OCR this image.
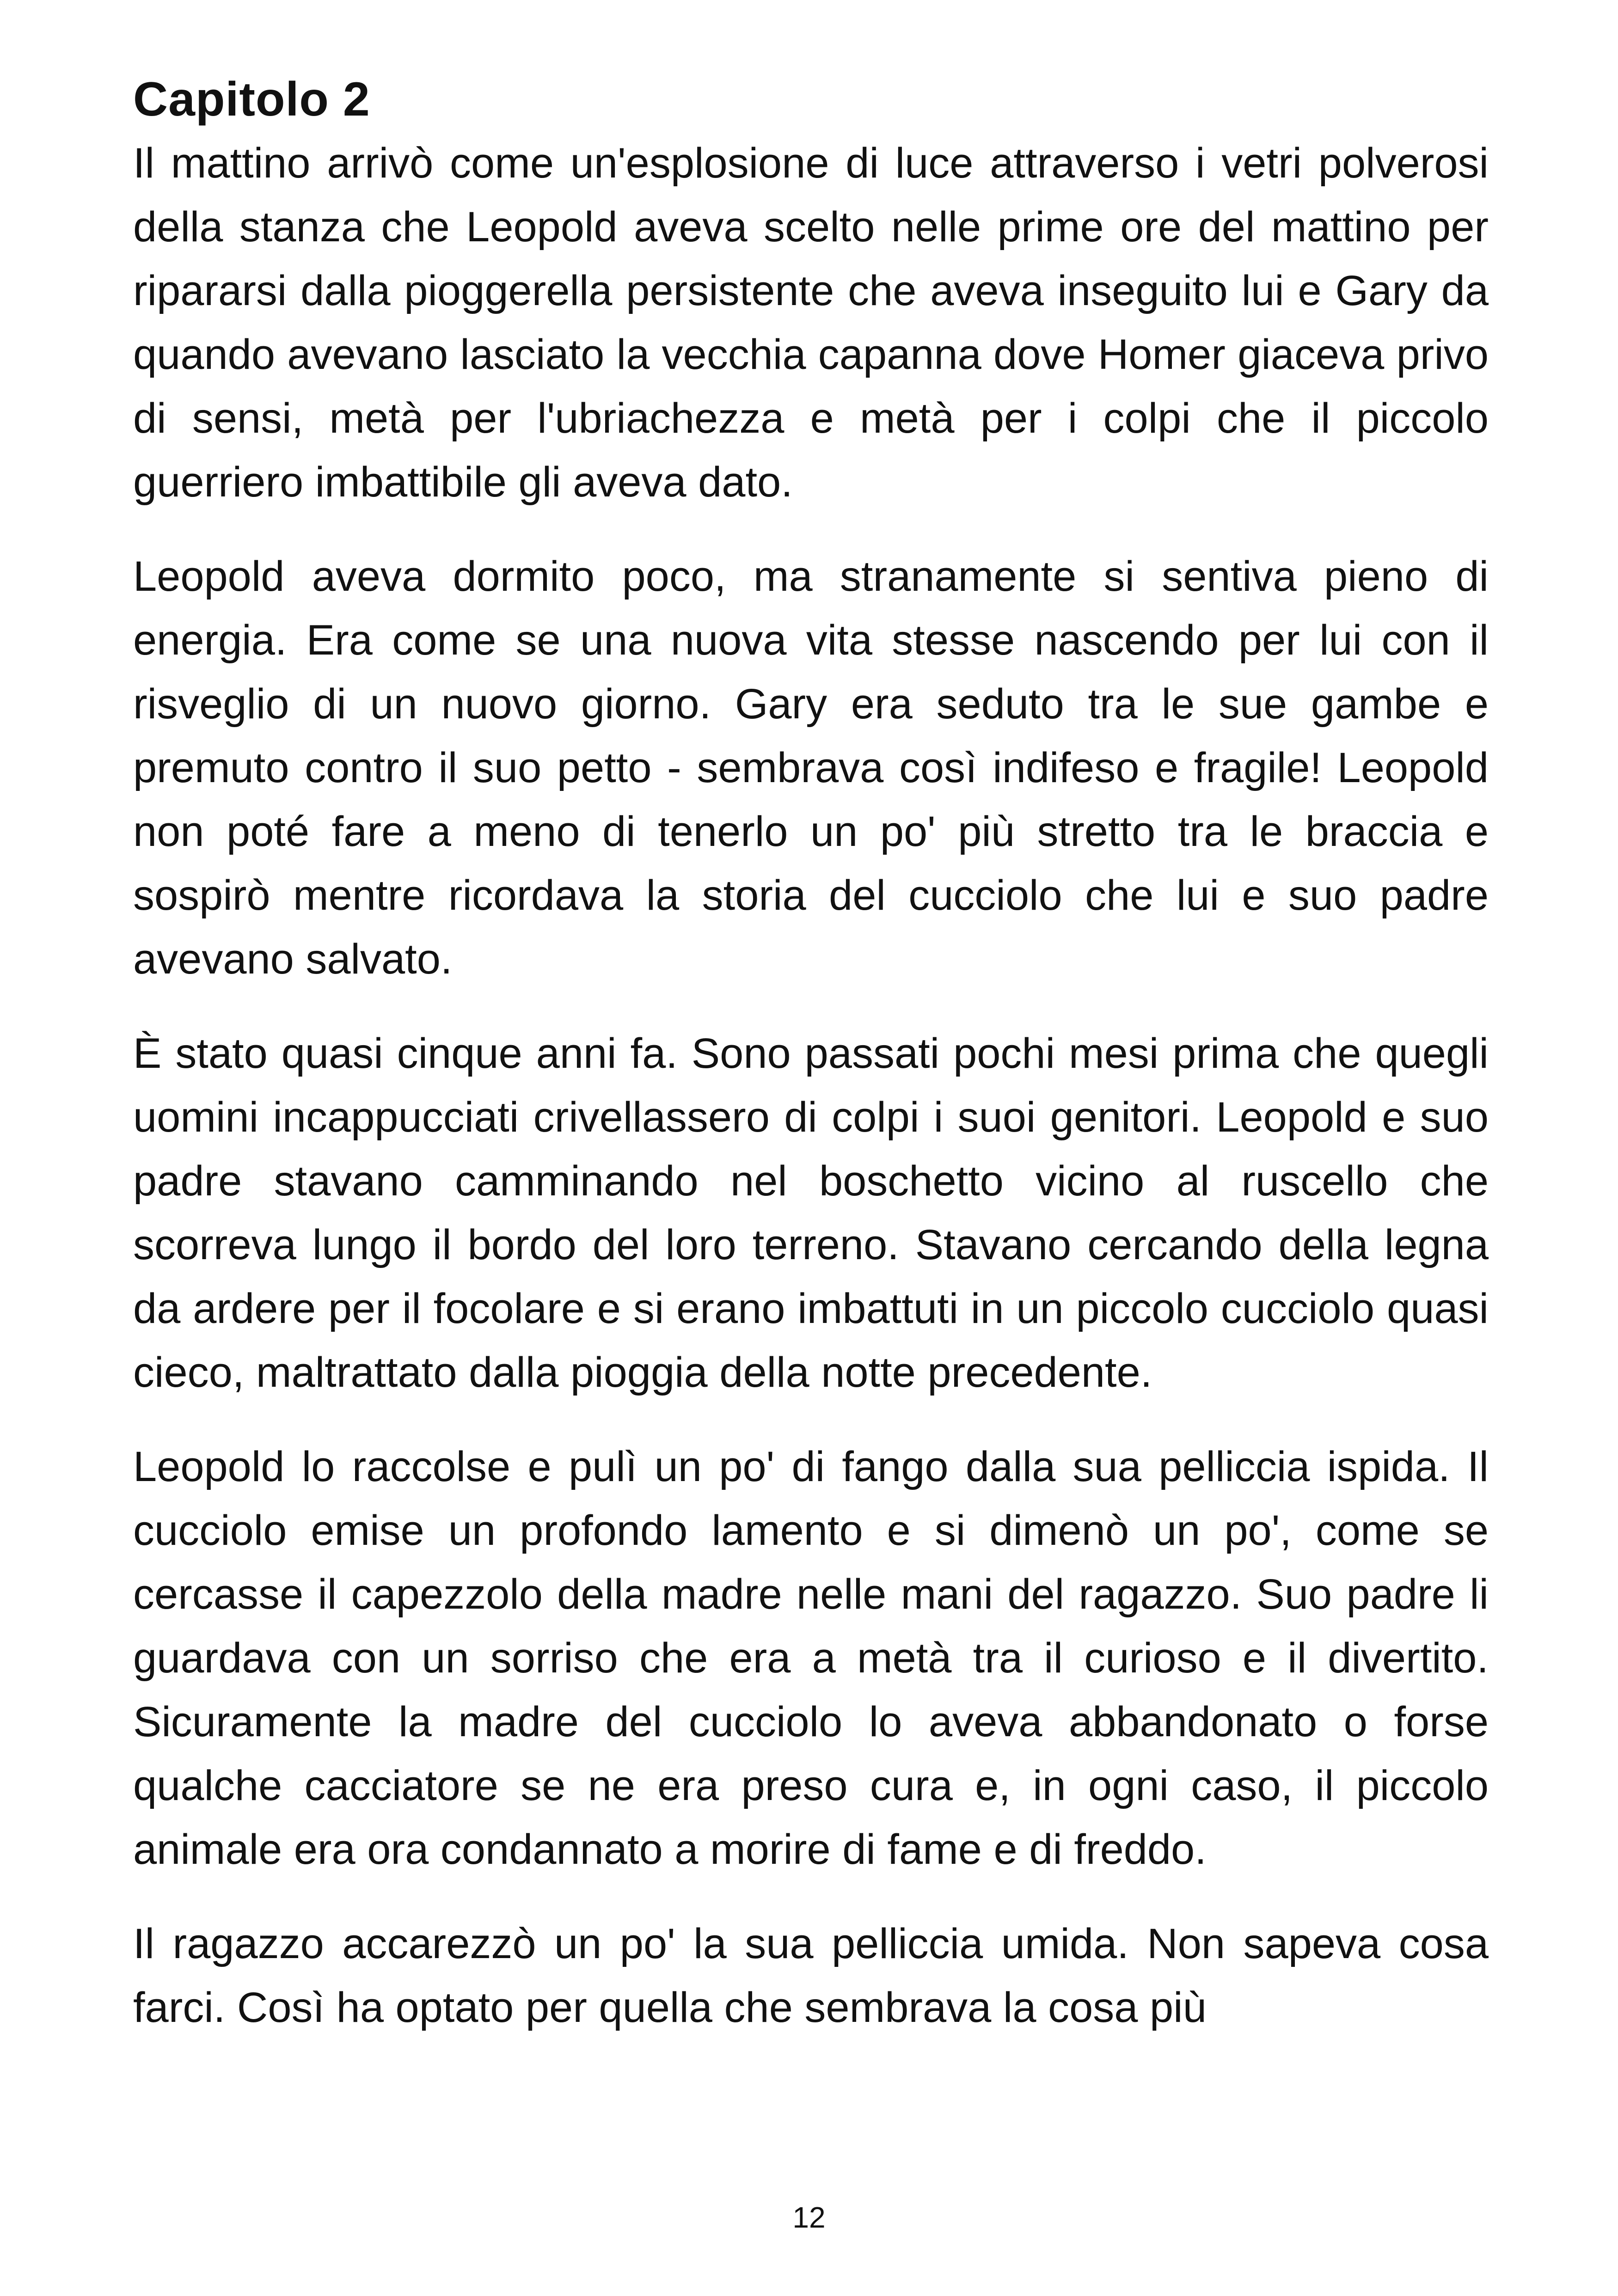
Capitolo 2

Il mattino arrivò come un'esplosione di luce attraverso i vetri polverosi della stanza che Leopold aveva scelto nelle prime ore del mattino per ripararsi dalla pioggerella persistente che aveva inseguito lui e Gary da quando avevano lasciato la vecchia capanna dove Homer giaceva privo di sensi, metà per l'ubriachezza e metà per i colpi che il piccolo guerriero imbattibile gli aveva dato.

Leopold aveva dormito poco, ma stranamente si sentiva pieno di energia. Era come se una nuova vita stesse nascendo per lui con il risveglio di un nuovo giorno. Gary era seduto tra le sue gambe e premuto contro il suo petto - sembrava così indifeso e fragile! Leopold non poté fare a meno di tenerlo un po' più stretto tra le braccia e sospirò mentre ricordava la storia del cucciolo che lui e suo padre avevano salvato.

È stato quasi cinque anni fa. Sono passati pochi mesi prima che quegli uomini incappucciati crivellassero di colpi i suoi genitori. Leopold e suo padre stavano camminando nel boschetto vicino al ruscello che scorreva lungo il bordo del loro terreno. Stavano cercando della legna da ardere per il focolare e si erano imbattuti in un piccolo cucciolo quasi cieco, maltrattato dalla pioggia della notte precedente.

Leopold lo raccolse e pulì un po' di fango dalla sua pelliccia ispida. Il cucciolo emise un profondo lamento e si dimenò un po', come se cercasse il capezzolo della madre nelle mani del ragazzo. Suo padre li guardava con un sorriso che era a metà tra il curioso e il divertito. Sicuramente la madre del cucciolo lo aveva abbandonato o forse qualche cacciatore se ne era preso cura e, in ogni caso, il piccolo animale era ora condannato a morire di fame e di freddo.

Il ragazzo accarezzò un po' la sua pelliccia umida. Non sapeva cosa farci. Così ha optato per quella che sembrava la cosa più

12
